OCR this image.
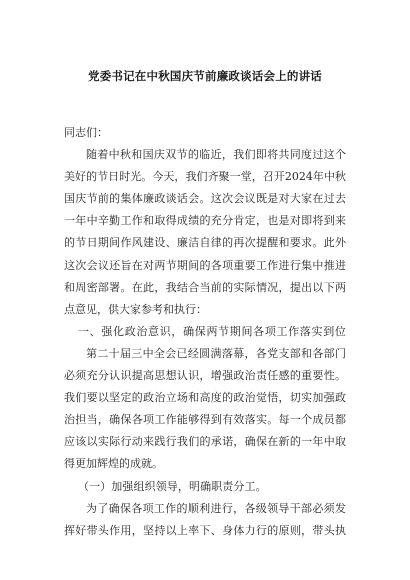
党委书记在中秋国庆节前廉政谈话会上的讲话
同志们：
随着中秋和国庆双节的临近，我们即将共同度过这个
美好的节日时光。今天，我们齐聚一堂，召开2024年中秋
国庆节前的集体廉政谈话会。这次会议既是对大家在过去
一年中辛勤工作和取得成绩的充分肯定，也是对即将到来
的节日期间作风建设、廉洁自律的再次提醒和要求。此外
这次会议还旨在对两节期间的各项重要工作进行集中推进
和周密部署。在此，我结合当前的实际情况，提出以下两
点意见，供大家参考和执行：
一、强化政治意识，确保两节期间各项工作落实到位
第二十届三中全会已经圆满落幕，各党支部和各部门
必须充分认识提高思想认识，增强政治责任感的重要性。
我们要以坚定的政治立场和高度的政治觉悟，切实加强政
治担当，确保各项工作能够得到有效落实。每一个成员都
应该以实际行动来践行我们的承诺，确保在新的一年中取
得更加辉煌的成就。
（一）加强组织领导，明确职责分工。
为了确保各项工作的顺利进行，各级领导干部必须发
挥好带头作用，坚持以上率下、身体力行的原则，带头执
